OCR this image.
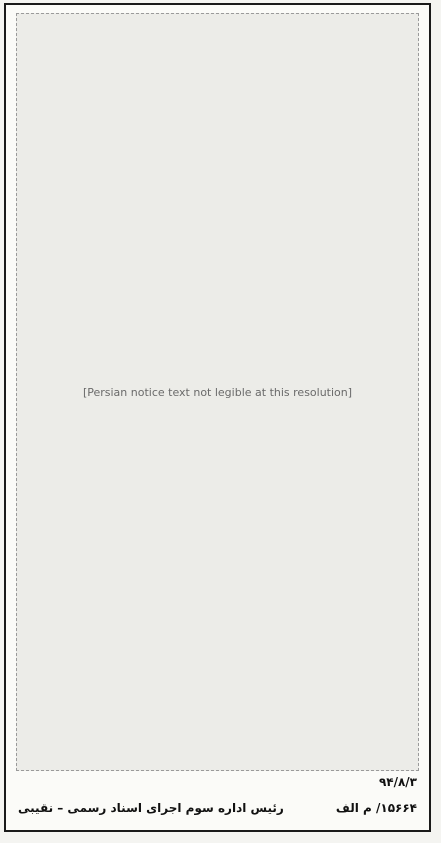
[Persian notice text not legible at this resolution]
۹۴/۸/۳
۱۵۶۶۴/ م الف
رئیس اداره سوم اجرای اسناد رسمی – نقیبی
